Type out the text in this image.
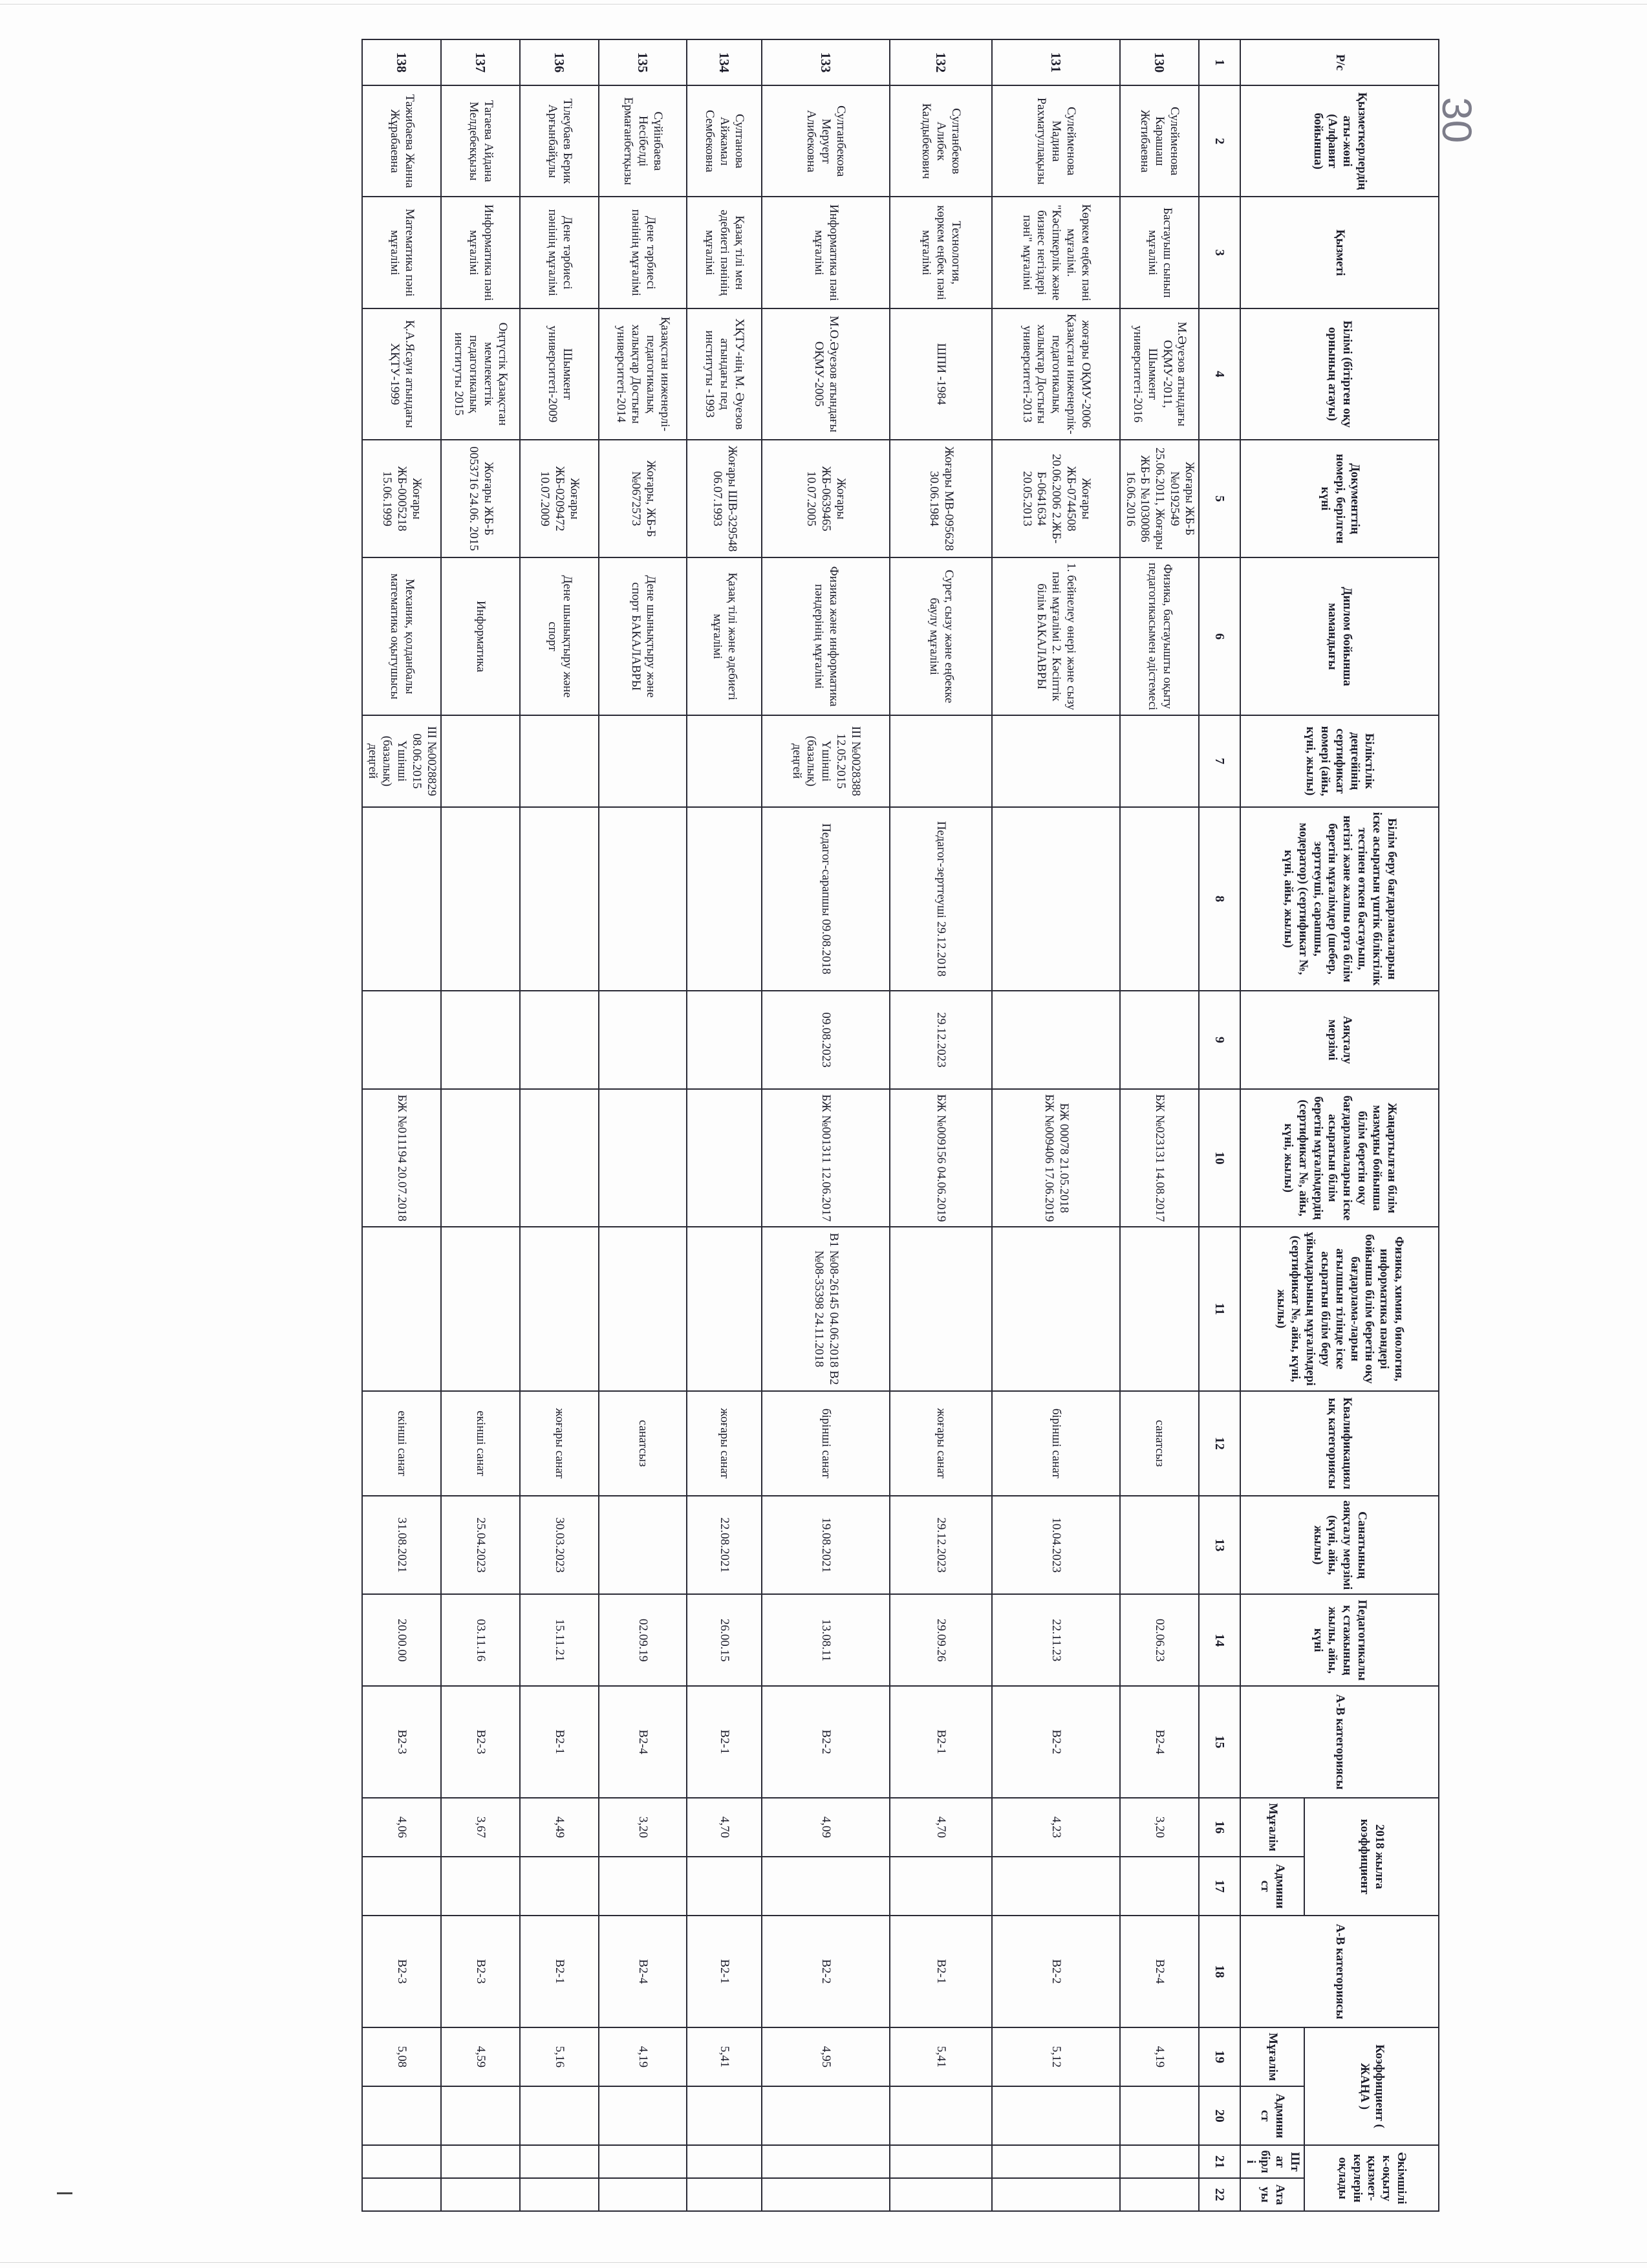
30
Р/с	Қызметкерлердің аты-жөні (Алфавит бойынша)	Қызметі	Білімі (бітірген оқу орнының атауы)	Документтің номері, берілген күні	Диплом бойынша мамандығы	Біліктілік деңгейінің сертификат номері (айы, күні, жылы)	Білім беру бағдарламаларын іске асыратын үштік біліктілік тестінен өткен бастауыш, негізгі және жалпы орта білім беретін мұғалімдер (шебер, зерттеуші, сарапшы, модератор) (сертификат №, күні, айы, жылы)	Аяқталу мерзімі	Жаңартылған білім мазмұны бойынша білім беретін оқу бағдарламаларын іске асыратын білім беретін мұғалімдердің (сертификат №, айы, күні, жылы)	Физика, химия, биология, информатика пәндері бойынша білім беретін оқу бағдарлама-ларын ағылшын тілінде іске асыратын білім беру ұйымдарының мұғалімдері (сертификат №, айы, күні, жылы)	Квалификациялық категориясы	Санатының аяқталу мерзімі (күні, айы, жылы)	Педагогикалық стажының жылы, айы, күні	А-В категориясы	2018 жылға коэффициент		А-В категориясы	Коэффициент ( ЖАҢА )		Әкімшілік-оқыту қызмет-керлерін оқлады	
															Мұғалім	Админист		Мұғалім	Админист	Штат бірлі	Атауы
1	2	3	4	5	6	7	8	9	10	11	12	13	14	15	16	17	18	19	20	21	22
130	Сулейменова Карашаш Жетибаевна	Бастауыш сынып мұғалімі	М.Әуезов атындағы ОҚМУ-2011, Шымкент университеті-2016	Жоғары ЖБ-Б №0192549 25.06.2011, Жоғары ЖБ-Б №1030086 16.06.2016	Физика, бастауышты оқыту педагогикасымен әдістемесі				БЖ №023131 14.08.2017		санатсыз		02.06.23	В2-4	3,20		В2-4	4,19			
131	Сулейменова Мадина Рахматуллақызы	Көркем еңбек пәні мұғалімі. "Кәсіпкерлік және бизнес негіздері пәні" мұғалімі	жоғары ОҚМУ-2006 Қазақстан инженерлік-педагогикалық халықтар Достығы университеті-2013	Жоғары ЖБ-0744508 20.06.2006 2.ЖБ-Б-0641634 20.05.2013	1. бейнелеу өнері және сызу пәні мұғалімі 2. Кәсіптік білім БАКАЛАВРЫ				БЖ 00078 21.05.2018 БЖ №009406 17.06.2019		бірінші санат	10.04.2023	22.11.23	В2-2	4,23		В2-2	5,12			
132	Султанбеков Алибек Калдыбекович	Технология, көркем еңбек пәні мұғалімі	ШПИ -1984	Жоғары МВ-095628 30.06.1984	Сурет, сызу және еңбекке баулу мұғалімі		Педагог-зерттеуші 29.12.2018	29.12.2023	БЖ №009156 04.06.2019		жоғары санат	29.12.2023	29.09.26	В2-1	4,70		В2-1	5,41			
133	Султанбекова Меруерт Алибековна	Информатика пәні мұғалімі	М.О.Әуезов атындағы ОҚМУ-2005	Жоғары ЖБ-0639465 10.07.2005	Физика және информатика пәндерінің мұғалімі	III №0028388 12.05.2015 Үшінші (базалық) деңгей	Педагог-сарапшы 09.08.2018	09.08.2023	БЖ №001311 12.06.2017	В1 №08-26145 04.06.2018 В2 №08-35398 24.11.2018	бірінші санат	19.08.2021	13.08.11	В2-2	4,09		В2-2	4,95			
134	Султанова Айжамал Сембековна	Қазақ тілі мен әдебиеті пәнінің мұғалімі	ХҚТУ-нің М. Әуезов атындағы пед институты -1993	Жоғары ШВ-329548 06.07.1993	Қазақ тілі және әдебиеті мұғалімі						жоғары санат	22.08.2021	26.00.15	В2-1	4,70		В2-1	5,41			
135	Сүйінбаева Несібелді Ермағанбетқызы	Дене тәрбиесі пәнінің мұғалімі	Қазақстан инженерлі-педагогикалық халықтар Достығы университеті-2014	Жоғары, ЖБ-Б №0672573	Дене шынықтыру және спорт БАКАЛАВРЫ						санатсыз		02.09.19	В2-4	3,20		В2-4	4,19			
136	Тілеубаев Берик Арғынбайұлы	Дене тәрбиесі пәнінің мұғалімі	Шымкент университеті-2009	Жоғары ЖБ-0209472 10.07.2009	Дене шынықтыру және спорт						жоғары санат	30.03.2023	15.11.21	В2-1	4,49		В2-1	5,16			
137	Тагаева Айдана Мелдебекқызы	Информатика пәні мұғалімі	Оңтүстік Қазақстан мемлекеттік педагогикалық институты 2015	Жоғары ЖБ-Б 0053716 24.06. 2015	Информатика						екінші санат	25.04.2023	03.11.16	В2-3	3,67		В2-3	4,59			
138	Тажибаева Жанна Жұрабаевна	Математика пәні мұғалімі	Қ.А.Ясауи атындағы ХҚТУ-1999	Жоғары ЖБ-0005218 15.06.1999	Механик, қолданбалы математика оқытушысы	III №0028829 08.06.2015 Үшінші (базалық) деңгей			БЖ №011194 20.07.2018		екінші санат	31.08.2021	20.00.00	В2-3	4,06		В2-3	5,08			
